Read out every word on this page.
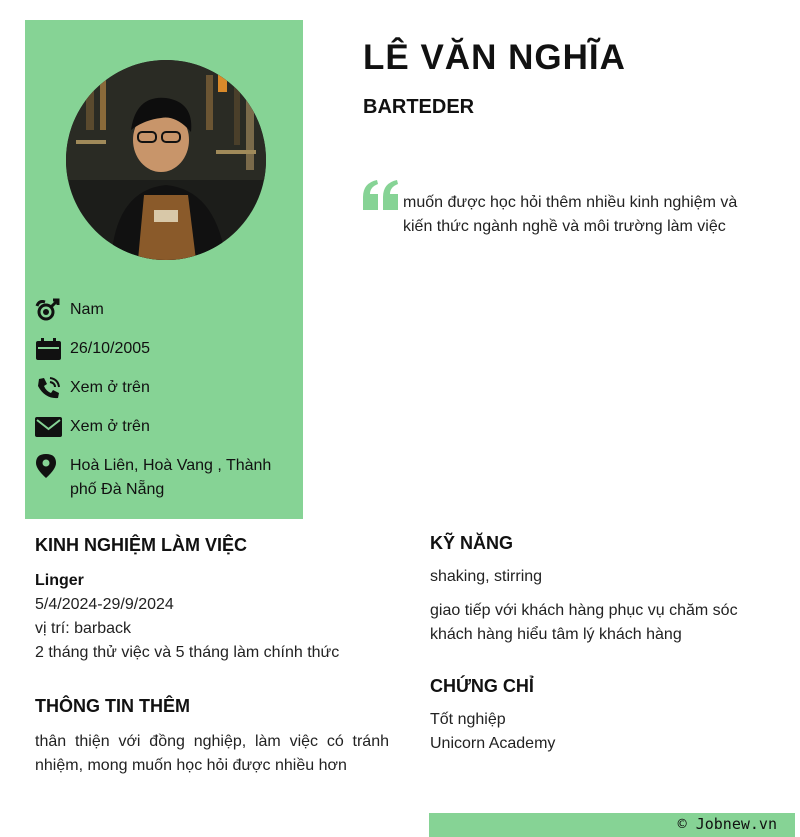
Nam
26/10/2005
Xem ở trên
Xem ở trên
Hoà Liên, Hoà Vang , Thành phố Đà Nẵng
LÊ VĂN NGHĨA
BARTEDER

muốn được học hỏi thêm nhiều kinh nghiệm và kiến thức ngành nghề và môi trường làm việc

KINH NGHIỆM LÀM VIỆC

Linger

5/4/2024-29/9/2024

vị trí: barback

2 tháng thử việc và 5 tháng làm chính thức

THÔNG TIN THÊM

thân thiện với đồng nghiệp, làm việc có tránh nhiệm, mong muốn học hỏi được nhiều hơn

KỸ NĂNG

shaking, stirring

giao tiếp với khách hàng phục vụ chăm sóc khách hàng hiểu tâm lý khách hàng

CHỨNG CHỈ

Tốt nghiệp

Unicorn Academy

© Jobnew.vn
